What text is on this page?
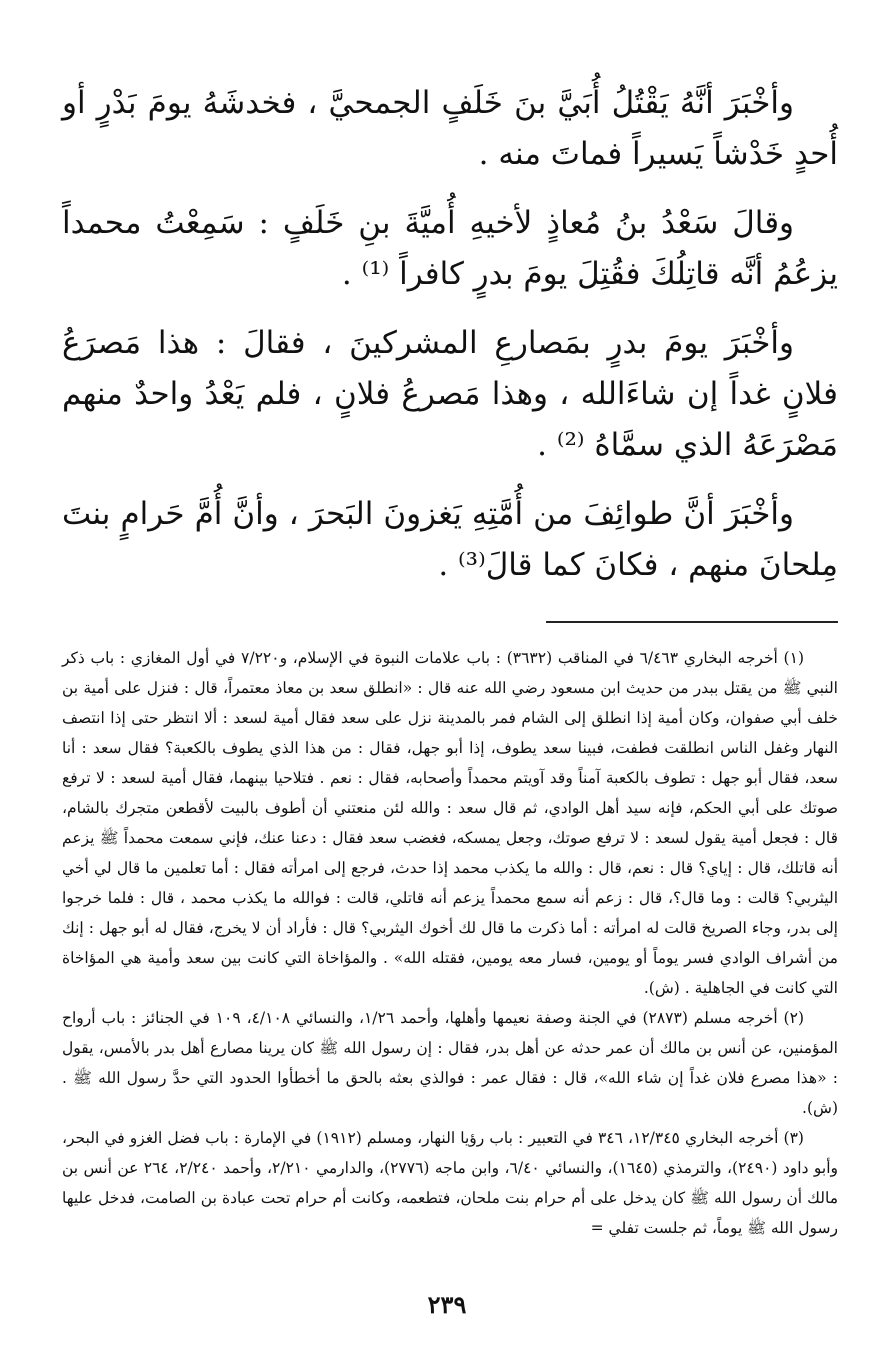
وأخْبَرَ أنَّهُ يَقْتُلُ أُبَيَّ بنَ خَلَفٍ الجمحيَّ ، فخدشَهُ يومَ بَدْرٍ أو أُحدٍ خَدْشاً يَسيراً فماتَ منه .

وقالَ سَعْدُ بنُ مُعاذٍ لأخيهِ أُميَّةَ بنِ خَلَفٍ : سَمِعْتُ محمداً يزعُمُ أنَّه قاتِلُكَ فقُتِلَ يومَ بدرٍ كافراً ⁽¹⁾ .

وأخْبَرَ يومَ بدرٍ بمَصارعِ المشركينَ ، فقالَ : هذا مَصرَعُ فلانٍ غداً إن شاءَالله ، وهذا مَصرعُ فلانٍ ، فلم يَعْدُ واحدٌ منهم مَصْرَعَهُ الذي سمَّاهُ ⁽²⁾ .

وأخْبَرَ أنَّ طوائِفَ من أُمَّتِهِ يَغزونَ البَحرَ ، وأنَّ أُمَّ حَرامٍ بنتَ مِلحانَ منهم ، فكانَ كما قالَ⁽³⁾ .

(١) أخرجه البخاري ٦/٤٦٣ في المناقب (٣٦٣٢) : باب علامات النبوة في الإسلام، و٧/٢٢٠ في أول المغازي : باب ذكر النبي ﷺ من يقتل ببدر من حديث ابن مسعود رضي الله عنه قال : «انطلق سعد بن معاذ معتمراً، قال : فنزل على أمية بن خلف أبي صفوان، وكان أمية إذا انطلق إلى الشام فمر بالمدينة نزل على سعد فقال أمية لسعد : ألا انتظر حتى إذا انتصف النهار وغفل الناس انطلقت فطفت، فبينا سعد يطوف، إذا أبو جهل، فقال : من هذا الذي يطوف بالكعبة؟ فقال سعد : أنا سعد، فقال أبو جهل : تطوف بالكعبة آمناً وقد آويتم محمداً وأصحابه، فقال : نعم . فتلاحيا بينهما، فقال أمية لسعد : لا ترفع صوتك على أبي الحكم، فإنه سيد أهل الوادي، ثم قال سعد : والله لئن منعتني أن أطوف بالبيت لأقطعن متجرك بالشام، قال : فجعل أمية يقول لسعد : لا ترفع صوتك، وجعل يمسكه، فغضب سعد فقال : دعنا عنك، فإني سمعت محمداً ﷺ يزعم أنه قاتلك، قال : إياي؟ قال : نعم، قال : والله ما يكذب محمد إذا حدث، فرجع إلى امرأته فقال : أما تعلمين ما قال لي أخي اليثربي؟ قالت : وما قال؟، قال : زعم أنه سمع محمداً يزعم أنه قاتلي، قالت : فوالله ما يكذب محمد ، قال : فلما خرجوا إلى بدر، وجاء الصريخ قالت له امرأته : أما ذكرت ما قال لك أخوك اليثربي؟ قال : فأراد أن لا يخرج، فقال له أبو جهل : إنك من أشراف الوادي فسر يوماً أو يومين، فسار معه يومين، فقتله الله» . والمؤاخاة التي كانت بين سعد وأمية هي المؤاخاة التي كانت في الجاهلية . (ش).

(٢) أخرجه مسلم (٢٨٧٣) في الجنة وصفة نعيمها وأهلها، وأحمد ١/٢٦، والنسائي ٤/١٠٨، ١٠٩ في الجنائز : باب أرواح المؤمنين، عن أنس بن مالك أن عمر حدثه عن أهل بدر، فقال : إن رسول الله ﷺ كان يرينا مصارع أهل بدر بالأمس، يقول : «هذا مصرع فلان غداً إن شاء الله»، قال : فقال عمر : فوالذي بعثه بالحق ما أخطأوا الحدود التي حدَّ رسول الله ﷺ . (ش).

(٣) أخرجه البخاري ١٢/٣٤٥، ٣٤٦ في التعبير : باب رؤيا النهار، ومسلم (١٩١٢) في الإمارة : باب فضل الغزو في البحر، وأبو داود (٢٤٩٠)، والترمذي (١٦٤٥)، والنسائي ٦/٤٠، وابن ماجه (٢٧٧٦)، والدارمي ٢/٢١٠، وأحمد ٢/٢٤٠، ٢٦٤ عن أنس بن مالك أن رسول الله ﷺ كان يدخل على أم حرام بنت ملحان، فتطعمه، وكانت أم حرام تحت عبادة بن الصامت، فدخل عليها رسول الله ﷺ يوماً، ثم جلست تفلي =

٢٣٩
